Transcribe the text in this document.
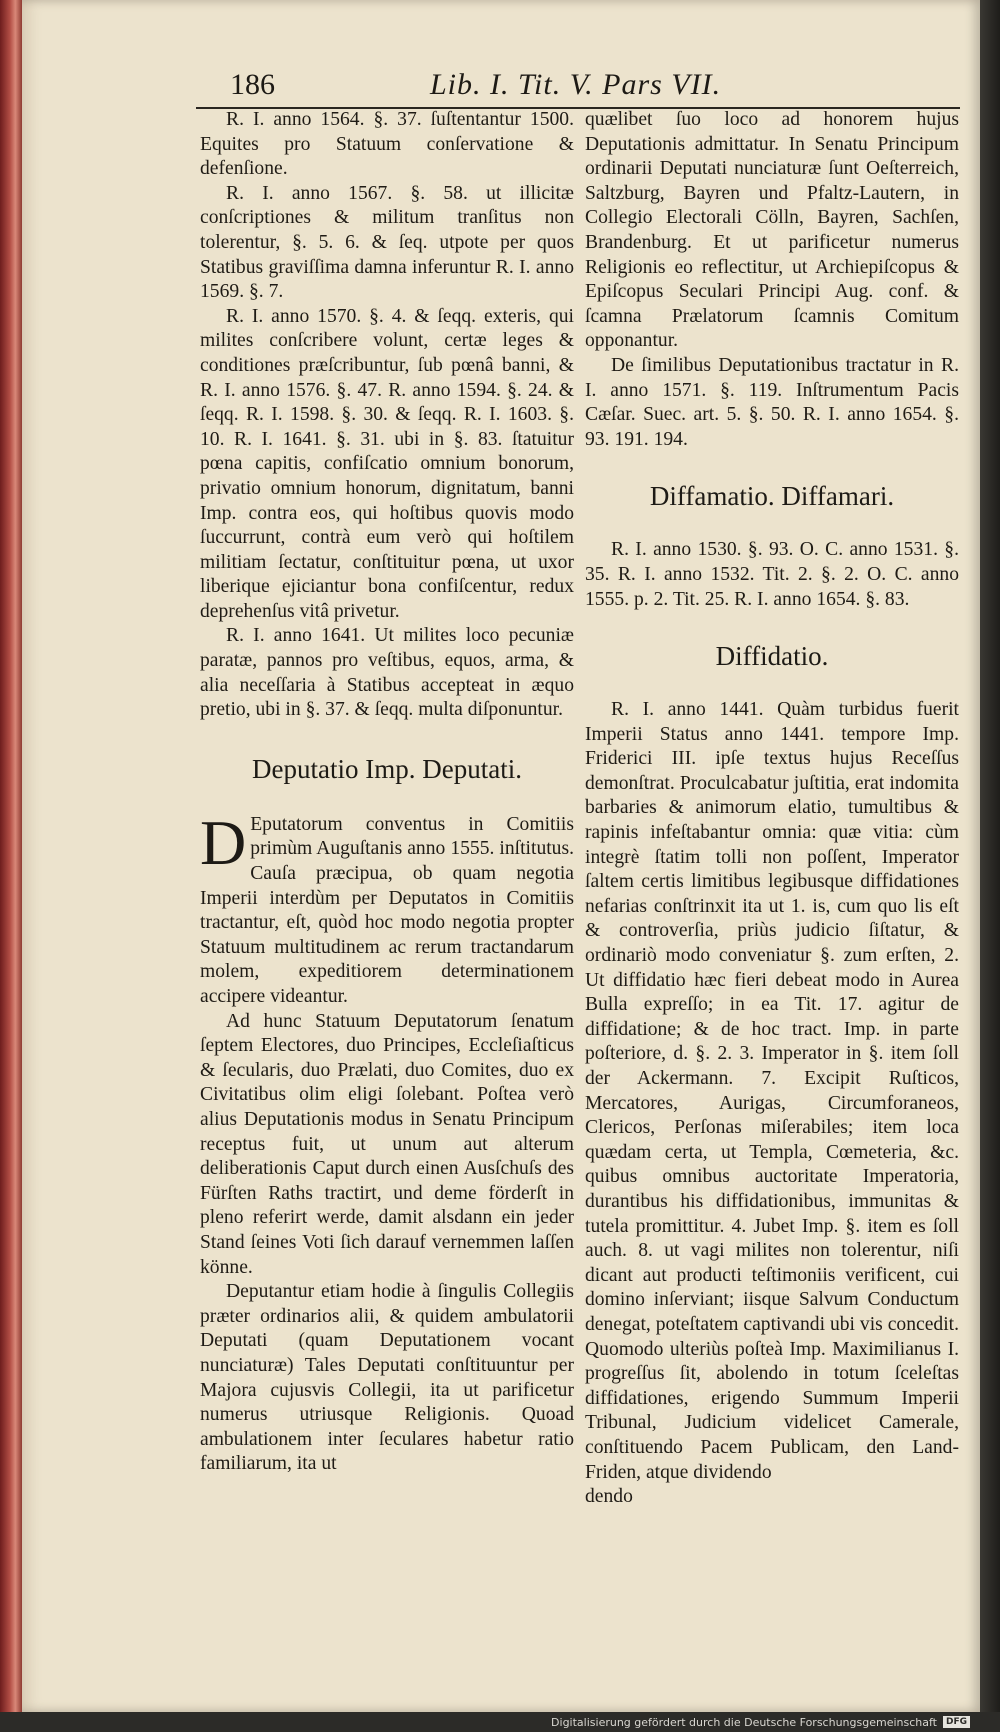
186	Lib. I. Tit. V. Pars VII.

R. I. anno 1564. §. 37. ſuſtentantur 1500. Equites pro Statuum conſervatione & defenſione.

R. I. anno 1567. §. 58. ut illicitæ conſcriptiones & militum tranſitus non tolerentur, §. 5. 6. & ſeq. utpote per quos Statibus graviſſima damna inferuntur R. I. anno 1569. §. 7.

R. I. anno 1570. §. 4. & ſeqq. exteris, qui milites conſcribere volunt, certæ leges & conditiones præſcribuntur, ſub pœnâ banni, & R. I. anno 1576. §. 47. R. anno 1594. §. 24. & ſeqq. R. I. 1598. §. 30. & ſeqq. R. I. 1603. §. 10. R. I. 1641. §. 31. ubi in §. 83. ſtatuitur pœna capitis, confiſcatio omnium bonorum, privatio omnium honorum, dignitatum, banni Imp. contra eos, qui hoſtibus quovis modo ſuccurrunt, contrà eum verò qui hoſtilem militiam ſectatur, conſtituitur pœna, ut uxor liberique ejiciantur bona confiſcentur, redux deprehenſus vitâ privetur.

R. I. anno 1641. Ut milites loco pecuniæ paratæ, pannos pro veſtibus, equos, arma, & alia neceſſaria à Statibus accepteat in æquo pretio, ubi in §. 37. & ſeqq. multa diſponuntur.

Deputatio Imp. Deputati.
D Eputatorum conventus in Comitiis primùm Auguſtanis anno 1555. inſtitutus. Cauſa præcipua, ob quam negotia Imperii interdùm per Deputatos in Comitiis tractantur, eſt, quòd hoc modo negotia propter Statuum multitudinem ac rerum tractandarum molem, expeditiorem determinationem accipere videantur.

Ad hunc Statuum Deputatorum ſenatum ſeptem Electores, duo Principes, Eccleſiaſticus & ſecularis, duo Prælati, duo Comites, duo ex Civitatibus olim eligi ſolebant. Poſtea verò alius Deputationis modus in Senatu Principum receptus fuit, ut unum aut alterum deliberationis Caput durch einen Ausſchuſs des Fürſten Raths tractirt, und deme förderſt in pleno referirt werde, damit alsdann ein jeder Stand ſeines Voti ſich darauf vernemmen laſſen könne.

Deputantur etiam hodie à ſingulis Collegiis præter ordinarios alii, & quidem ambulatorii Deputati (quam Deputationem vocant nunciaturæ) Tales Deputati conſtituuntur per Majora cujusvis Collegii, ita ut parificetur numerus utriusque Religionis. Quoad ambulationem inter ſeculares habetur ratio familiarum, ita ut

quælibet ſuo loco ad honorem hujus Deputationis admittatur. In Senatu Principum ordinarii Deputati nunciaturæ ſunt Oeſterreich, Saltzburg, Bayren und Pfaltz-Lautern, in Collegio Electorali Cölln, Bayren, Sachſen, Brandenburg. Et ut parificetur numerus Religionis eo reflectitur, ut Archiepiſcopus & Epiſcopus Seculari Principi Aug. conf. & ſcamna Prælatorum ſcamnis Comitum opponantur.

De ſimilibus Deputationibus tractatur in R. I. anno 1571. §. 119. Inſtrumentum Pacis Cæſar. Suec. art. 5. §. 50. R. I. anno 1654. §. 93. 191. 194.

Diffamatio. Diffamari.

R. I. anno 1530. §. 93. O. C. anno 1531. §. 35. R. I. anno 1532. Tit. 2. §. 2. O. C. anno 1555. p. 2. Tit. 25. R. I. anno 1654. §. 83.

Diffidatio.

R. I. anno 1441. Quàm turbidus fuerit Imperii Status anno 1441. tempore Imp. Friderici III. ipſe textus hujus Receſſus demonſtrat. Proculcabatur juſtitia, erat indomita barbaries & animorum elatio, tumultibus & rapinis infeſtabantur omnia: quæ vitia: cùm integrè ſtatim tolli non poſſent, Imperator ſaltem certis limitibus legibusque diffidationes nefarias conſtrinxit ita ut 1. is, cum quo lis eſt & controverſia, priùs judicio ſiſtatur, & ordinariò modo conveniatur §. zum erſten, 2. Ut diffidatio hæc fieri debeat modo in Aurea Bulla expreſſo; in ea Tit. 17. agitur de diffidatione; & de hoc tract. Imp. in parte poſteriore, d. §. 2. 3. Imperator in §. item ſoll der Ackermann. 7. Excipit Ruſticos, Mercatores, Aurigas, Circumforaneos, Clericos, Perſonas miſerabiles; item loca quædam certa, ut Templa, Cœmeteria, &c. quibus omnibus auctoritate Imperatoria, durantibus his diffidationibus, immunitas & tutela promittitur. 4. Jubet Imp. §. item es ſoll auch. 8. ut vagi milites non tolerentur, niſi dicant aut producti teſtimoniis verificent, cui domino inſerviant; iisque Salvum Conductum denegat, poteſtatem captivandi ubi vis concedit. Quomodo ulteriùs poſteà Imp. Maximilianus I. progreſſus ſit, abolendo in totum ſceleſtas diffidationes, erigendo Summum Imperii Tribunal, Judicium videlicet Camerale, conſtituendo Pacem Publicam, den Land-Friden, atque dividendo

dendo

Digitalisierung gefördert durch die Deutsche Forschungsgemeinschaft	DFG
